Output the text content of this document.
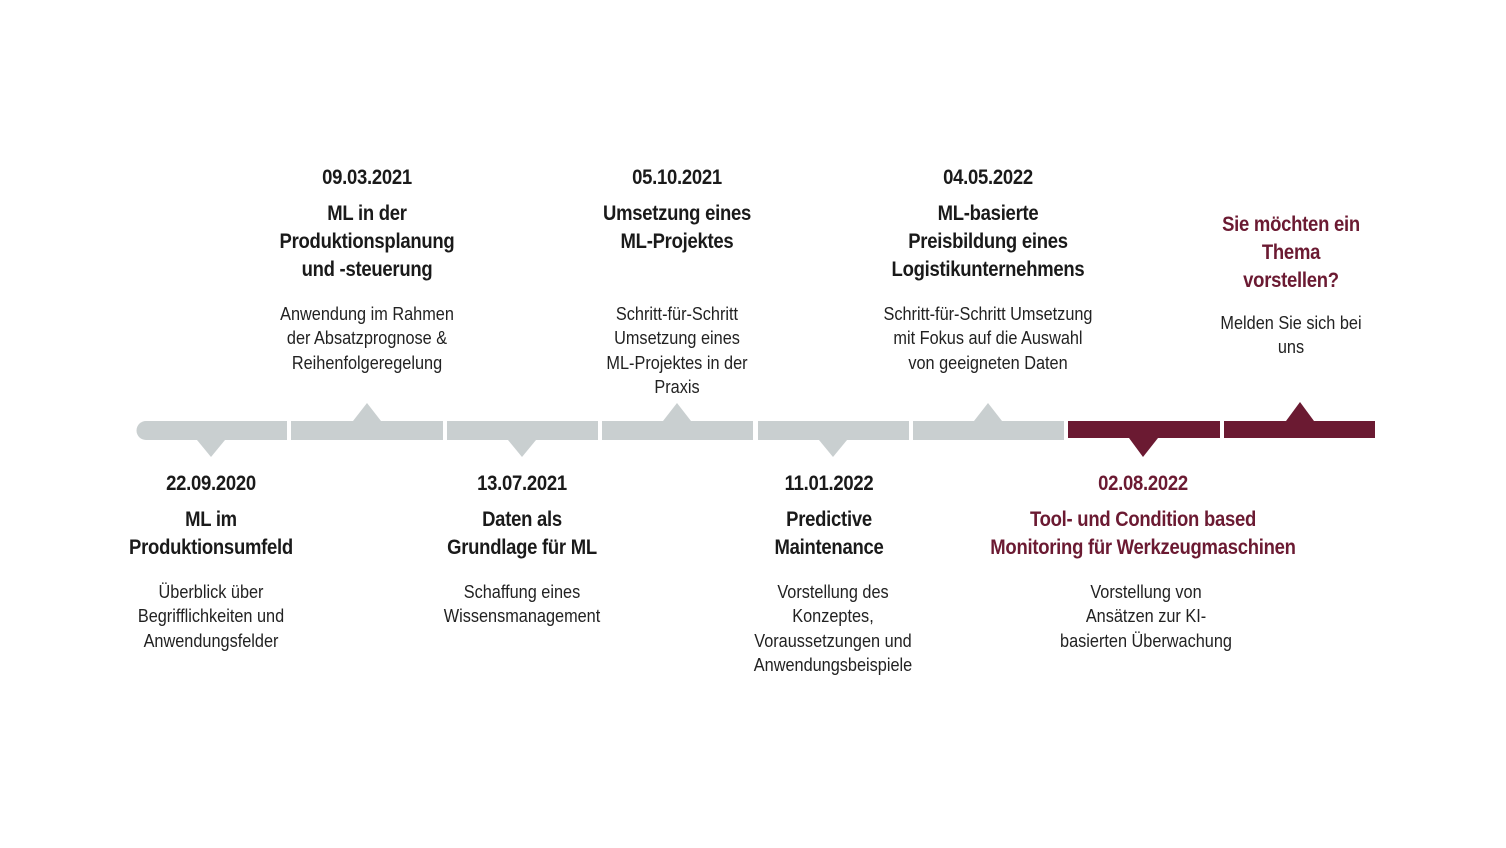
22.09.2020
ML im
Produktionsumfeld
Überblick über
Begrifflichkeiten und
Anwendungsfelder
09.03.2021
ML in der
Produktionsplanung
und -steuerung
Anwendung im Rahmen
der Absatzprognose &
Reihenfolgeregelung
13.07.2021
Daten als
Grundlage für ML
Schaffung eines
Wissensmanagement
05.10.2021
Umsetzung eines
ML-Projektes
Schritt-für-Schritt
Umsetzung eines
ML-Projektes in der
Praxis
11.01.2022
Predictive
Maintenance
Vorstellung des
Konzeptes,
Voraussetzungen und
Anwendungsbeispiele
04.05.2022
ML-basierte
Preisbildung eines
Logistikunternehmens
Schritt-für-Schritt Umsetzung
mit Fokus auf die Auswahl
von geeigneten Daten
02.08.2022
Tool- und Condition based
Monitoring für Werkzeugmaschinen
Vorstellung von
Ansätzen zur KI-
basierten Überwachung
Sie möchten ein
Thema
vorstellen?
Melden Sie sich bei
uns
